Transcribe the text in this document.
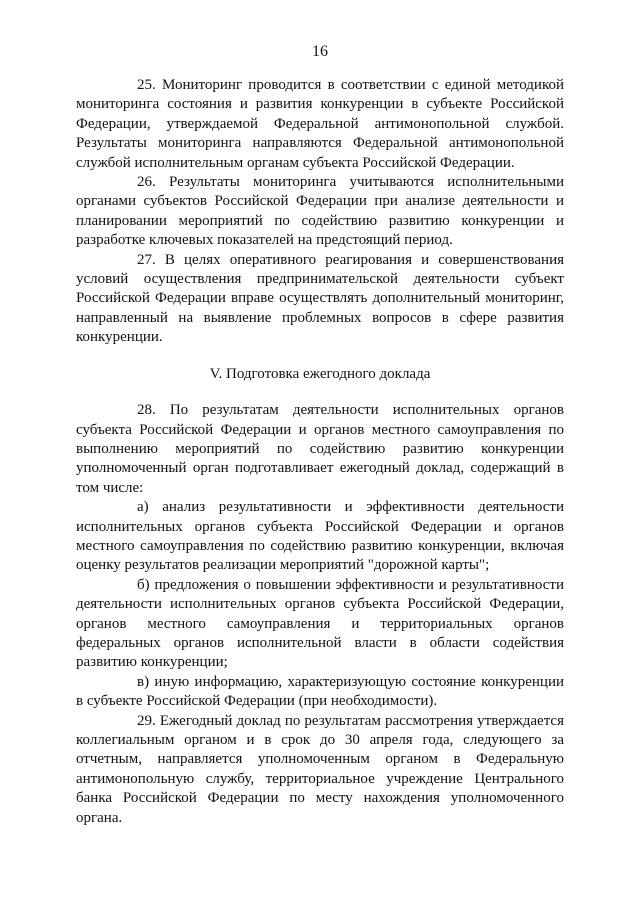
16

25. Мониторинг проводится в соответствии с единой методикой мониторинга состояния и развития конкуренции в субъекте Российской Федерации, утверждаемой Федеральной антимонопольной службой. Результаты мониторинга направляются Федеральной антимонопольной службой исполнительным органам субъекта Российской Федерации.

26. Результаты мониторинга учитываются исполнительными органами субъектов Российской Федерации при анализе деятельности и планировании мероприятий по содействию развитию конкуренции и разработке ключевых показателей на предстоящий период.

27. В целях оперативного реагирования и совершенствования условий осуществления предпринимательской деятельности субъект Российской Федерации вправе осуществлять дополнительный мониторинг, направленный на выявление проблемных вопросов в сфере развития конкуренции.

V. Подготовка ежегодного доклада

28. По результатам деятельности исполнительных органов субъекта Российской Федерации и органов местного самоуправления по выполнению мероприятий по содействию развитию конкуренции уполномоченный орган подготавливает ежегодный доклад, содержащий в том числе:

а) анализ результативности и эффективности деятельности исполнительных органов субъекта Российской Федерации и органов местного самоуправления по содействию развитию конкуренции, включая оценку результатов реализации мероприятий "дорожной карты";

б) предложения о повышении эффективности и результативности деятельности исполнительных органов субъекта Российской Федерации, органов местного самоуправления и территориальных органов федеральных органов исполнительной власти в области содействия развитию конкуренции;

в) иную информацию, характеризующую состояние конкуренции в субъекте Российской Федерации (при необходимости).

29. Ежегодный доклад по результатам рассмотрения утверждается коллегиальным органом и в срок до 30 апреля года, следующего за отчетным, направляется уполномоченным органом в Федеральную антимонопольную службу, территориальное учреждение Центрального банка Российской Федерации по месту нахождения уполномоченного органа.
